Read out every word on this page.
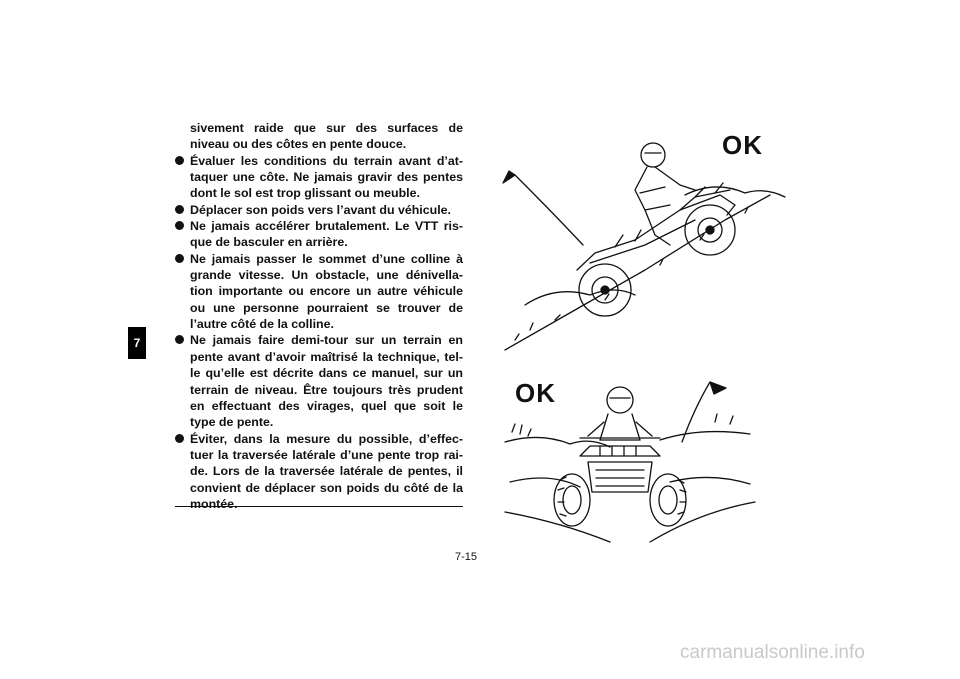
7

sivement raide que sur des surfaces de niveau ou des côtes en pente douce.

Évaluer les conditions du terrain avant d’at- taquer une côte. Ne jamais gravir des pentes dont le sol est trop glissant ou meuble.
Déplacer son poids vers l’avant du véhicule.
Ne jamais accélérer brutalement. Le VTT ris- que de basculer en arrière.
Ne jamais passer le sommet d’une colline à grande vitesse. Un obstacle, une dénivella- tion importante ou encore un autre véhicule ou une personne pourraient se trouver de l’autre côté de la colline.
Ne jamais faire demi-tour sur un terrain en pente avant d’avoir maîtrisé la technique, tel- le qu’elle est décrite dans ce manuel, sur un terrain de niveau. Être toujours très prudent en effectuant des virages, quel que soit le type de pente.
Éviter, dans la mesure du possible, d’effec- tuer la traversée latérale d’une pente trop rai- de. Lors de la traversée latérale de pentes, il convient de déplacer son poids du côté de la montée.
OK
OK
7-15
carmanualsonline.info
